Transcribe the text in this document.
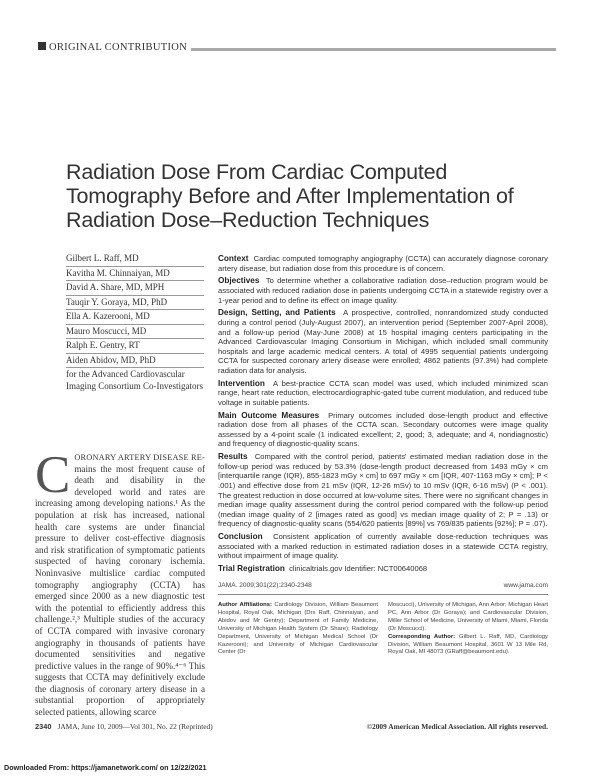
ORIGINAL CONTRIBUTION
Radiation Dose From Cardiac Computed Tomography Before and After Implementation of Radiation Dose–Reduction Techniques
Gilbert L. Raff, MD
Kavitha M. Chinnaiyan, MD
David A. Share, MD, MPH
Tauqir Y. Goraya, MD, PhD
Ella A. Kazerooni, MD
Mauro Moscucci, MD
Ralph E. Gentry, RT
Aiden Abidov, MD, PhD
for the Advanced Cardiovascular Imaging Consortium Co-Investigators

CORONARY ARTERY DISEASE RE- mains the most frequent cause of death and disability in the developed world and rates are increasing among developing nations.¹ As the population at risk has increased, national health care systems are under financial pressure to deliver cost-effective diagnosis and risk stratification of symptomatic patients suspected of having coronary ischemia. Noninvasive multislice cardiac computed tomography angiography (CCTA) has emerged since 2000 as a new diagnostic test with the potential to efficiently address this challenge.²,³ Multiple studies of the accuracy of CCTA compared with invasive coronary angiography in thousands of patients have documented sensitivities and negative predictive values in the range of 90%.⁴⁻⁶ This suggests that CCTA may definitively exclude the diagnosis of coronary artery disease in a substantial proportion of appropriately selected patients, allowing scarce

Context Cardiac computed tomography angiography (CCTA) can accurately diagnose coronary artery disease, but radiation dose from this procedure is of concern.

Objectives To determine whether a collaborative radiation dose–reduction program would be associated with reduced radiation dose in patients undergoing CCTA in a statewide registry over a 1-year period and to define its effect on image quality.

Design, Setting, and Patients A prospective, controlled, nonrandomized study conducted during a control period (July-August 2007), an intervention period (September 2007-April 2008), and a follow-up period (May-June 2008) at 15 hospital imaging centers participating in the Advanced Cardiovascular Imaging Consortium in Michigan, which included small community hospitals and large academic medical centers. A total of 4995 sequential patients undergoing CCTA for suspected coronary artery disease were enrolled; 4862 patients (97.3%) had complete radiation data for analysis.

Intervention A best-practice CCTA scan model was used, which included minimized scan range, heart rate reduction, electrocardiographic-gated tube current modulation, and reduced tube voltage in suitable patients.

Main Outcome Measures Primary outcomes included dose-length product and effective radiation dose from all phases of the CCTA scan. Secondary outcomes were image quality assessed by a 4-point scale (1 indicated excellent; 2, good; 3, adequate; and 4, nondiagnostic) and frequency of diagnostic-quality scans.

Results Compared with the control period, patients' estimated median radiation dose in the follow-up period was reduced by 53.3% (dose-length product decreased from 1493 mGy × cm [interquartile range (IQR), 855-1823 mGy × cm] to 697 mGy × cm [IQR, 407-1163 mGy × cm]; P < .001) and effective dose from 21 mSv (IQR, 12-26 mSv) to 10 mSv (IQR, 6-16 mSv) (P < .001). The greatest reduction in dose occurred at low-volume sites. There were no significant changes in median image quality assessment during the control period compared with the follow-up period (median image quality of 2 [images rated as good] vs median image quality of 2; P = .13) or frequency of diagnostic-quality scans (554/620 patients [89%] vs 769/835 patients [92%]; P = .07).

Conclusion Consistent application of currently available dose-reduction techniques was associated with a marked reduction in estimated radiation doses in a statewide CCTA registry, without impairment of image quality.

Trial Registration clinicaltrials.gov Identifier: NCT00640068

JAMA. 2009;301(22):2340-2348	www.jama.com
Author Affiliations: Cardiology Division, William Beaumont Hospital, Royal Oak, Michigan (Drs Raff, Chinnaiyan, and Abidov and Mr Gentry); Department of Family Medicine, University of Michigan Health System (Dr Share); Radiology Department, University of Michigan Medical School (Dr Kazerooni); and University of Michigan Cardiovascular Center (Dr
Moscucci), University of Michigan, Ann Arbor; Michigan Heart PC, Ann Arbor (Dr Goraya); and Cardiovascular Division, Miller School of Medicine, University of Miami, Miami, Florida (Dr Moscucci).
Corresponding Author: Gilbert L. Raff, MD, Cardiology Division, William Beaumont Hospital, 3601 W 13 Mile Rd, Royal Oak, MI 48073 (GRaff@beaumont.edu).
2340 JAMA, June 10, 2009—Vol 301, No. 22 (Reprinted)	©2009 American Medical Association. All rights reserved.
Downloaded From: https://jamanetwork.com/ on 12/22/2021
